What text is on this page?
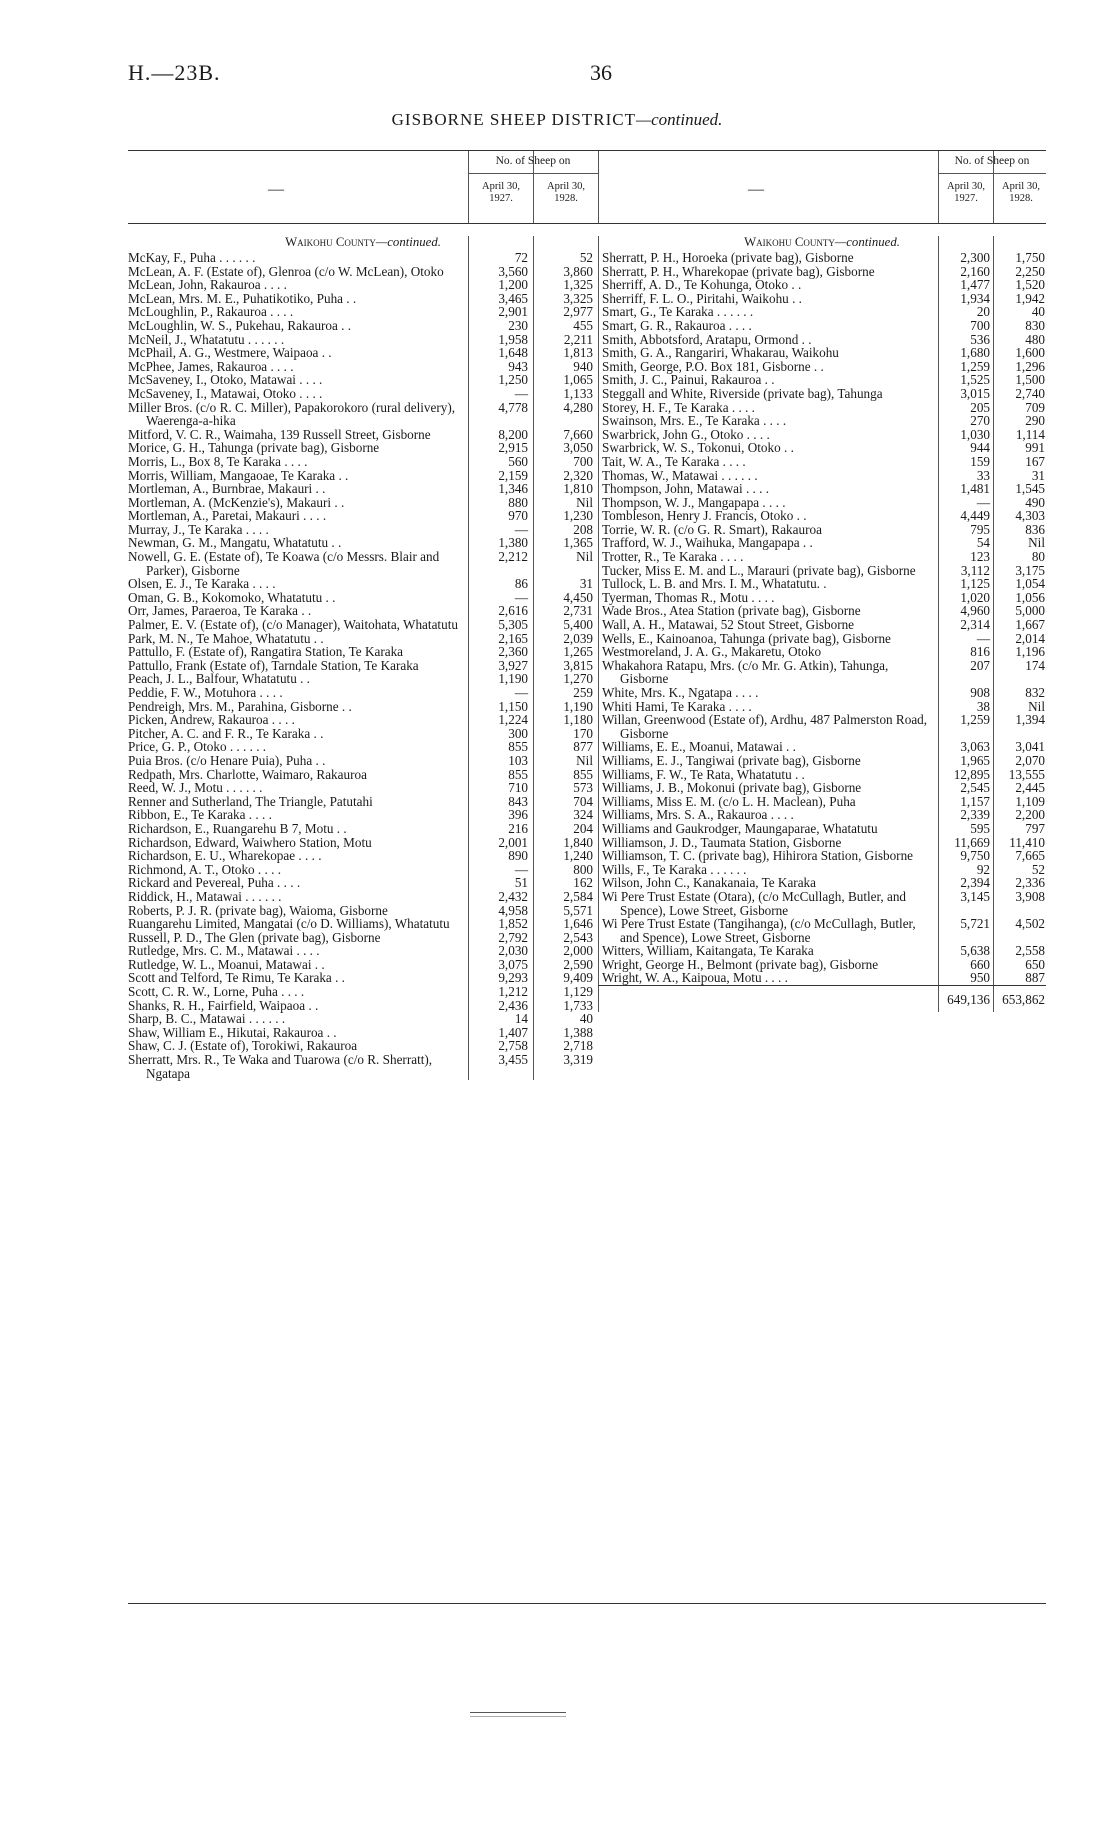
H.—23B.	36
GISBORNE SHEEP DISTRICT—continued.
—
No. of Sheep on
April 30, 1927.
April 30, 1928.
Waikohu County—continued.
McKay, F., Puha . . . . . .	72	52
McLean, A. F. (Estate of), Glenroa (c/o W. McLean), Otoko	3,560	3,860
McLean, John, Rakauroa . . . .	1,200	1,325
McLean, Mrs. M. E., Puhatikotiko, Puha . .	3,465	3,325
McLoughlin, P., Rakauroa . . . .	2,901	2,977
McLoughlin, W. S., Pukehau, Rakauroa . .	230	455
McNeil, J., Whatatutu . . . . . .	1,958	2,211
McPhail, A. G., Westmere, Waipaoa . .	1,648	1,813
McPhee, James, Rakauroa . . . .	943	940
McSaveney, I., Otoko, Matawai . . . .	1,250	1,065
McSaveney, I., Matawai, Otoko . . . .	—	1,133
Miller Bros. (c/o R. C. Miller), Papakorokoro (rural delivery), Waerenga-a-hika
4,778	4,280
Mitford, V. C. R., Waimaha, 139 Russell Street, Gisborne	8,200	7,660
Morice, G. H., Tahunga (private bag), Gisborne	2,915	3,050
Morris, L., Box 8, Te Karaka . . . .	560	700
Morris, William, Mangaoae, Te Karaka . .	2,159	2,320
Mortleman, A., Burnbrae, Makauri . .	1,346	1,810
Mortleman, A. (McKenzie's), Makauri . .	880	Nil
Mortleman, A., Paretai, Makauri . . . .	970	1,230
Murray, J., Te Karaka . . . .	—	208
Newman, G. M., Mangatu, Whatatutu . .	1,380	1,365
Nowell, G. E. (Estate of), Te Koawa (c/o Messrs. Blair and Parker), Gisborne
2,212	Nil
Olsen, E. J., Te Karaka . . . .	86	31
Oman, G. B., Kokomoko, Whatatutu . .	—	4,450
Orr, James, Paraeroa, Te Karaka . .	2,616	2,731
Palmer, E. V. (Estate of), (c/o Manager), Waitohata, Whatatutu	5,305	5,400
Park, M. N., Te Mahoe, Whatatutu . .	2,165	2,039
Pattullo, F. (Estate of), Rangatira Station, Te Karaka	2,360	1,265
Pattullo, Frank (Estate of), Tarndale Station, Te Karaka	3,927	3,815
Peach, J. L., Balfour, Whatatutu . .	1,190	1,270
Peddie, F. W., Motuhora . . . .	—	259
Pendreigh, Mrs. M., Parahina, Gisborne . .	1,150	1,190
Picken, Andrew, Rakauroa . . . .	1,224	1,180
Pitcher, A. C. and F. R., Te Karaka . .	300	170
Price, G. P., Otoko . . . . . .	855	877
Puia Bros. (c/o Henare Puia), Puha . .	103	Nil
Redpath, Mrs. Charlotte, Waimaro, Rakauroa	855	855
Reed, W. J., Motu . . . . . .	710	573
Renner and Sutherland, The Triangle, Patutahi	843	704
Ribbon, E., Te Karaka . . . .	396	324
Richardson, E., Ruangarehu B 7, Motu . .	216	204
Richardson, Edward, Waiwhero Station, Motu	2,001	1,840
Richardson, E. U., Wharekopae . . . .	890	1,240
Richmond, A. T., Otoko . . . .	—	800
Rickard and Pevereal, Puha . . . .	51	162
Riddick, H., Matawai . . . . . .	2,432	2,584
Roberts, P. J. R. (private bag), Waioma, Gisborne	4,958	5,571
Ruangarehu Limited, Mangatai (c/o D. Williams), Whatatutu	1,852	1,646
Russell, P. D., The Glen (private bag), Gisborne	2,792	2,543
Rutledge, Mrs. C. M., Matawai . . . .	2,030	2,000
Rutledge, W. L., Moanui, Matawai . .	3,075	2,590
Scott and Telford, Te Rimu, Te Karaka . .	9,293	9,409
Scott, C. R. W., Lorne, Puha . . . .	1,212	1,129
Shanks, R. H., Fairfield, Waipaoa . .	2,436	1,733
Sharp, B. C., Matawai . . . . . .	14	40
Shaw, William E., Hikutai, Rakauroa . .	1,407	1,388
Shaw, C. J. (Estate of), Torokiwi, Rakauroa	2,758	2,718
Sherratt, Mrs. R., Te Waka and Tuarowa (c/o R. Sherratt), Ngatapa
3,455	3,319
—
No. of Sheep on
April 30, 1927.
April 30, 1928.
Waikohu County—continued.
Sherratt, P. H., Horoeka (private bag), Gisborne	2,300	1,750
Sherratt, P. H., Wharekopae (private bag), Gisborne	2,160	2,250
Sherriff, A. D., Te Kohunga, Otoko . .	1,477	1,520
Sherriff, F. L. O., Piritahi, Waikohu . .	1,934	1,942
Smart, G., Te Karaka . . . . . .	20	40
Smart, G. R., Rakauroa . . . .	700	830
Smith, Abbotsford, Aratapu, Ormond . .	536	480
Smith, G. A., Rangariri, Whakarau, Waikohu	1,680	1,600
Smith, George, P.O. Box 181, Gisborne . .	1,259	1,296
Smith, J. C., Painui, Rakauroa . .	1,525	1,500
Steggall and White, Riverside (private bag), Tahunga	3,015	2,740
Storey, H. F., Te Karaka . . . .	205	709
Swainson, Mrs. E., Te Karaka . . . .	270	290
Swarbrick, John G., Otoko . . . .	1,030	1,114
Swarbrick, W. S., Tokonui, Otoko . .	944	991
Tait, W. A., Te Karaka . . . .	159	167
Thomas, W., Matawai . . . . . .	33	31
Thompson, John, Matawai . . . .	1,481	1,545
Thompson, W. J., Mangapapa . . . .	—	490
Tombleson, Henry J. Francis, Otoko . .	4,449	4,303
Torrie, W. R. (c/o G. R. Smart), Rakauroa	795	836
Trafford, W. J., Waihuka, Mangapapa . .	54	Nil
Trotter, R., Te Karaka . . . .	123	80
Tucker, Miss E. M. and L., Marauri (private bag), Gisborne	3,112	3,175
Tullock, L. B. and Mrs. I. M., Whatatutu. .	1,125	1,054
Tyerman, Thomas R., Motu . . . .	1,020	1,056
Wade Bros., Atea Station (private bag), Gisborne	4,960	5,000
Wall, A. H., Matawai, 52 Stout Street, Gisborne	2,314	1,667
Wells, E., Kainoanoa, Tahunga (private bag), Gisborne	—	2,014
Westmoreland, J. A. G., Makaretu, Otoko	816	1,196
Whakahora Ratapu, Mrs. (c/o Mr. G. Atkin), Tahunga, Gisborne
207	174
White, Mrs. K., Ngatapa . . . .	908	832
Whiti Hami, Te Karaka . . . .	38	Nil
Willan, Greenwood (Estate of), Ardhu, 487 Palmerston Road, Gisborne
1,259	1,394
Williams, E. E., Moanui, Matawai . .	3,063	3,041
Williams, E. J., Tangiwai (private bag), Gisborne	1,965	2,070
Williams, F. W., Te Rata, Whatatutu . .	12,895	13,555
Williams, J. B., Mokonui (private bag), Gisborne	2,545	2,445
Williams, Miss E. M. (c/o L. H. Maclean), Puha	1,157	1,109
Williams, Mrs. S. A., Rakauroa . . . .	2,339	2,200
Williams and Gaukrodger, Maungaparae, Whatatutu	595	797
Williamson, J. D., Taumata Station, Gisborne	11,669	11,410
Williamson, T. C. (private bag), Hihirora Station, Gisborne	9,750	7,665
Wills, F., Te Karaka . . . . . .	92	52
Wilson, John C., Kanakanaia, Te Karaka	2,394	2,336
Wi Pere Trust Estate (Otara), (c/o McCullagh, Butler, and Spence), Lowe Street, Gisborne
3,145	3,908
Wi Pere Trust Estate (Tangihanga), (c/o McCullagh, Butler, and Spence), Lowe Street, Gisborne
5,721	4,502
Witters, William, Kaitangata, Te Karaka	5,638	2,558
Wright, George H., Belmont (private bag), Gisborne	660	650
Wright, W. A., Kaipoua, Motu . . . .	950	887
649,136 653,862
